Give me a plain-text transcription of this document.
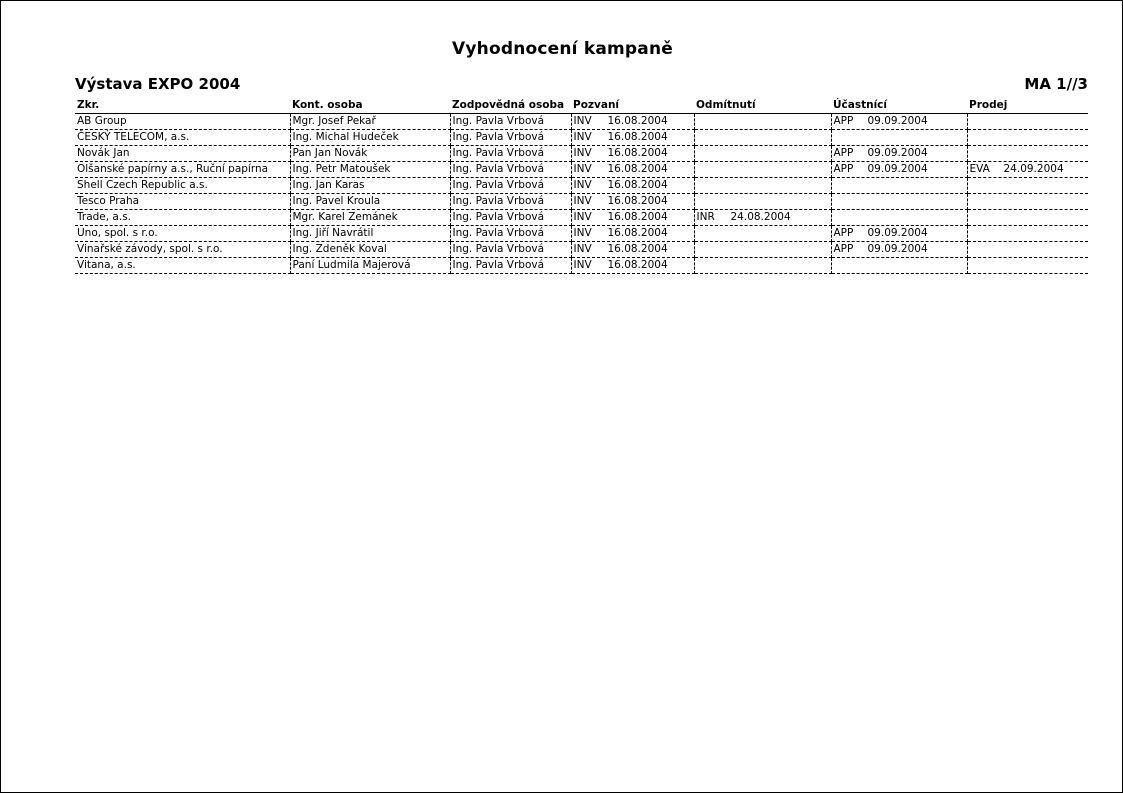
Vyhodnocení kampaně
Výstava EXPO 2004	MA 1//3
Zkr.	Kont. osoba	Zodpovědná osoba	Pozvaní	Odmítnutí	Účastnící	Prodej
AB Group	Mgr. Josef Pekař	Ing. Pavla Vrbová	INV 16.08.2004		APP 09.09.2004	

ČESKÝ TELECOM, a.s.	Ing. Michal Hudeček	Ing. Pavla Vrbová	INV 16.08.2004			

Novák Jan	Pan Jan Novák	Ing. Pavla Vrbová	INV 16.08.2004		APP 09.09.2004	

Olšanské papírny a.s., Ruční papírna	Ing. Petr Matoušek	Ing. Pavla Vrbová	INV 16.08.2004		APP 09.09.2004	EVA 24.09.2004

Shell Czech Republic a.s.	Ing. Jan Karas	Ing. Pavla Vrbová	INV 16.08.2004			

Tesco Praha	Ing. Pavel Kroula	Ing. Pavla Vrbová	INV 16.08.2004			

Trade, a.s.	Mgr. Karel Zemánek	Ing. Pavla Vrbová	INV 16.08.2004	INR 24.08.2004		

Uno, spol. s r.o.	Ing. Jiří Navrátil	Ing. Pavla Vrbová	INV 16.08.2004		APP 09.09.2004	

Vinařské závody, spol. s r.o.	Ing. Zdeněk Koval	Ing. Pavla Vrbová	INV 16.08.2004		APP 09.09.2004	

Vitana, a.s.	Paní Ludmila Majerová	Ing. Pavla Vrbová	INV 16.08.2004			
